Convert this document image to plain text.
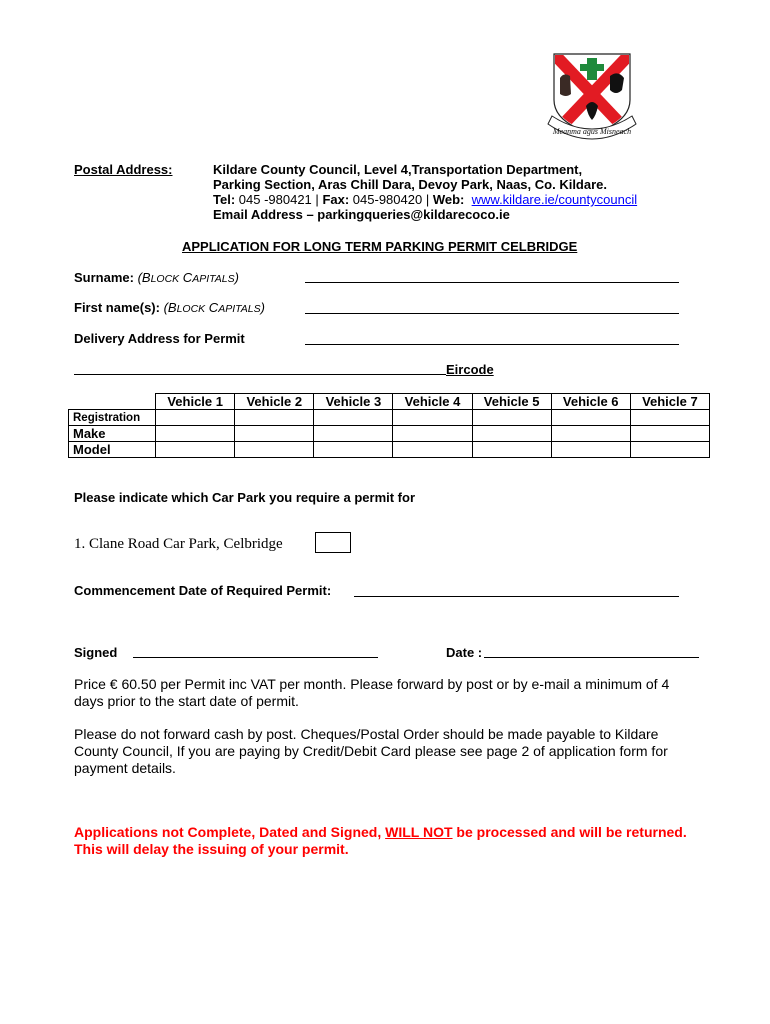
Meanma agus Misneach
Postal Address:	Kildare County Council, Level 4,Transportation Department,
Parking Section, Aras Chill Dara, Devoy Park, Naas, Co. Kildare.
Tel: 045 -980421 | Fax: 045-980420 | Web: www.kildare.ie/countycouncil
Email Address – parkingqueries@kildarecoco.ie
APPLICATION FOR LONG TERM PARKING PERMIT CELBRIDGE
Surname: (BLOCK CAPITALS)
First name(s): (BLOCK CAPITALS)
Delivery Address for Permit
Eircode
	Vehicle 1	Vehicle 2	Vehicle 3	Vehicle 4	Vehicle 5	Vehicle 6	Vehicle 7
Registration							
Make							
Model							
Please indicate which Car Park you require a permit for
1. Clane Road Car Park, Celbridge
Commencement Date of Required Permit:
Signed	Date :
Price € 60.50 per Permit inc VAT per month. Please forward by post or by e-mail a minimum of 4 days prior to the start date of permit.
Please do not forward cash by post. Cheques/Postal Order should be made payable to Kildare County Council, If you are paying by Credit/Debit Card please see page 2 of application form for payment details.
Applications not Complete, Dated and Signed, WILL NOT be processed and will be returned. This will delay the issuing of your permit.
